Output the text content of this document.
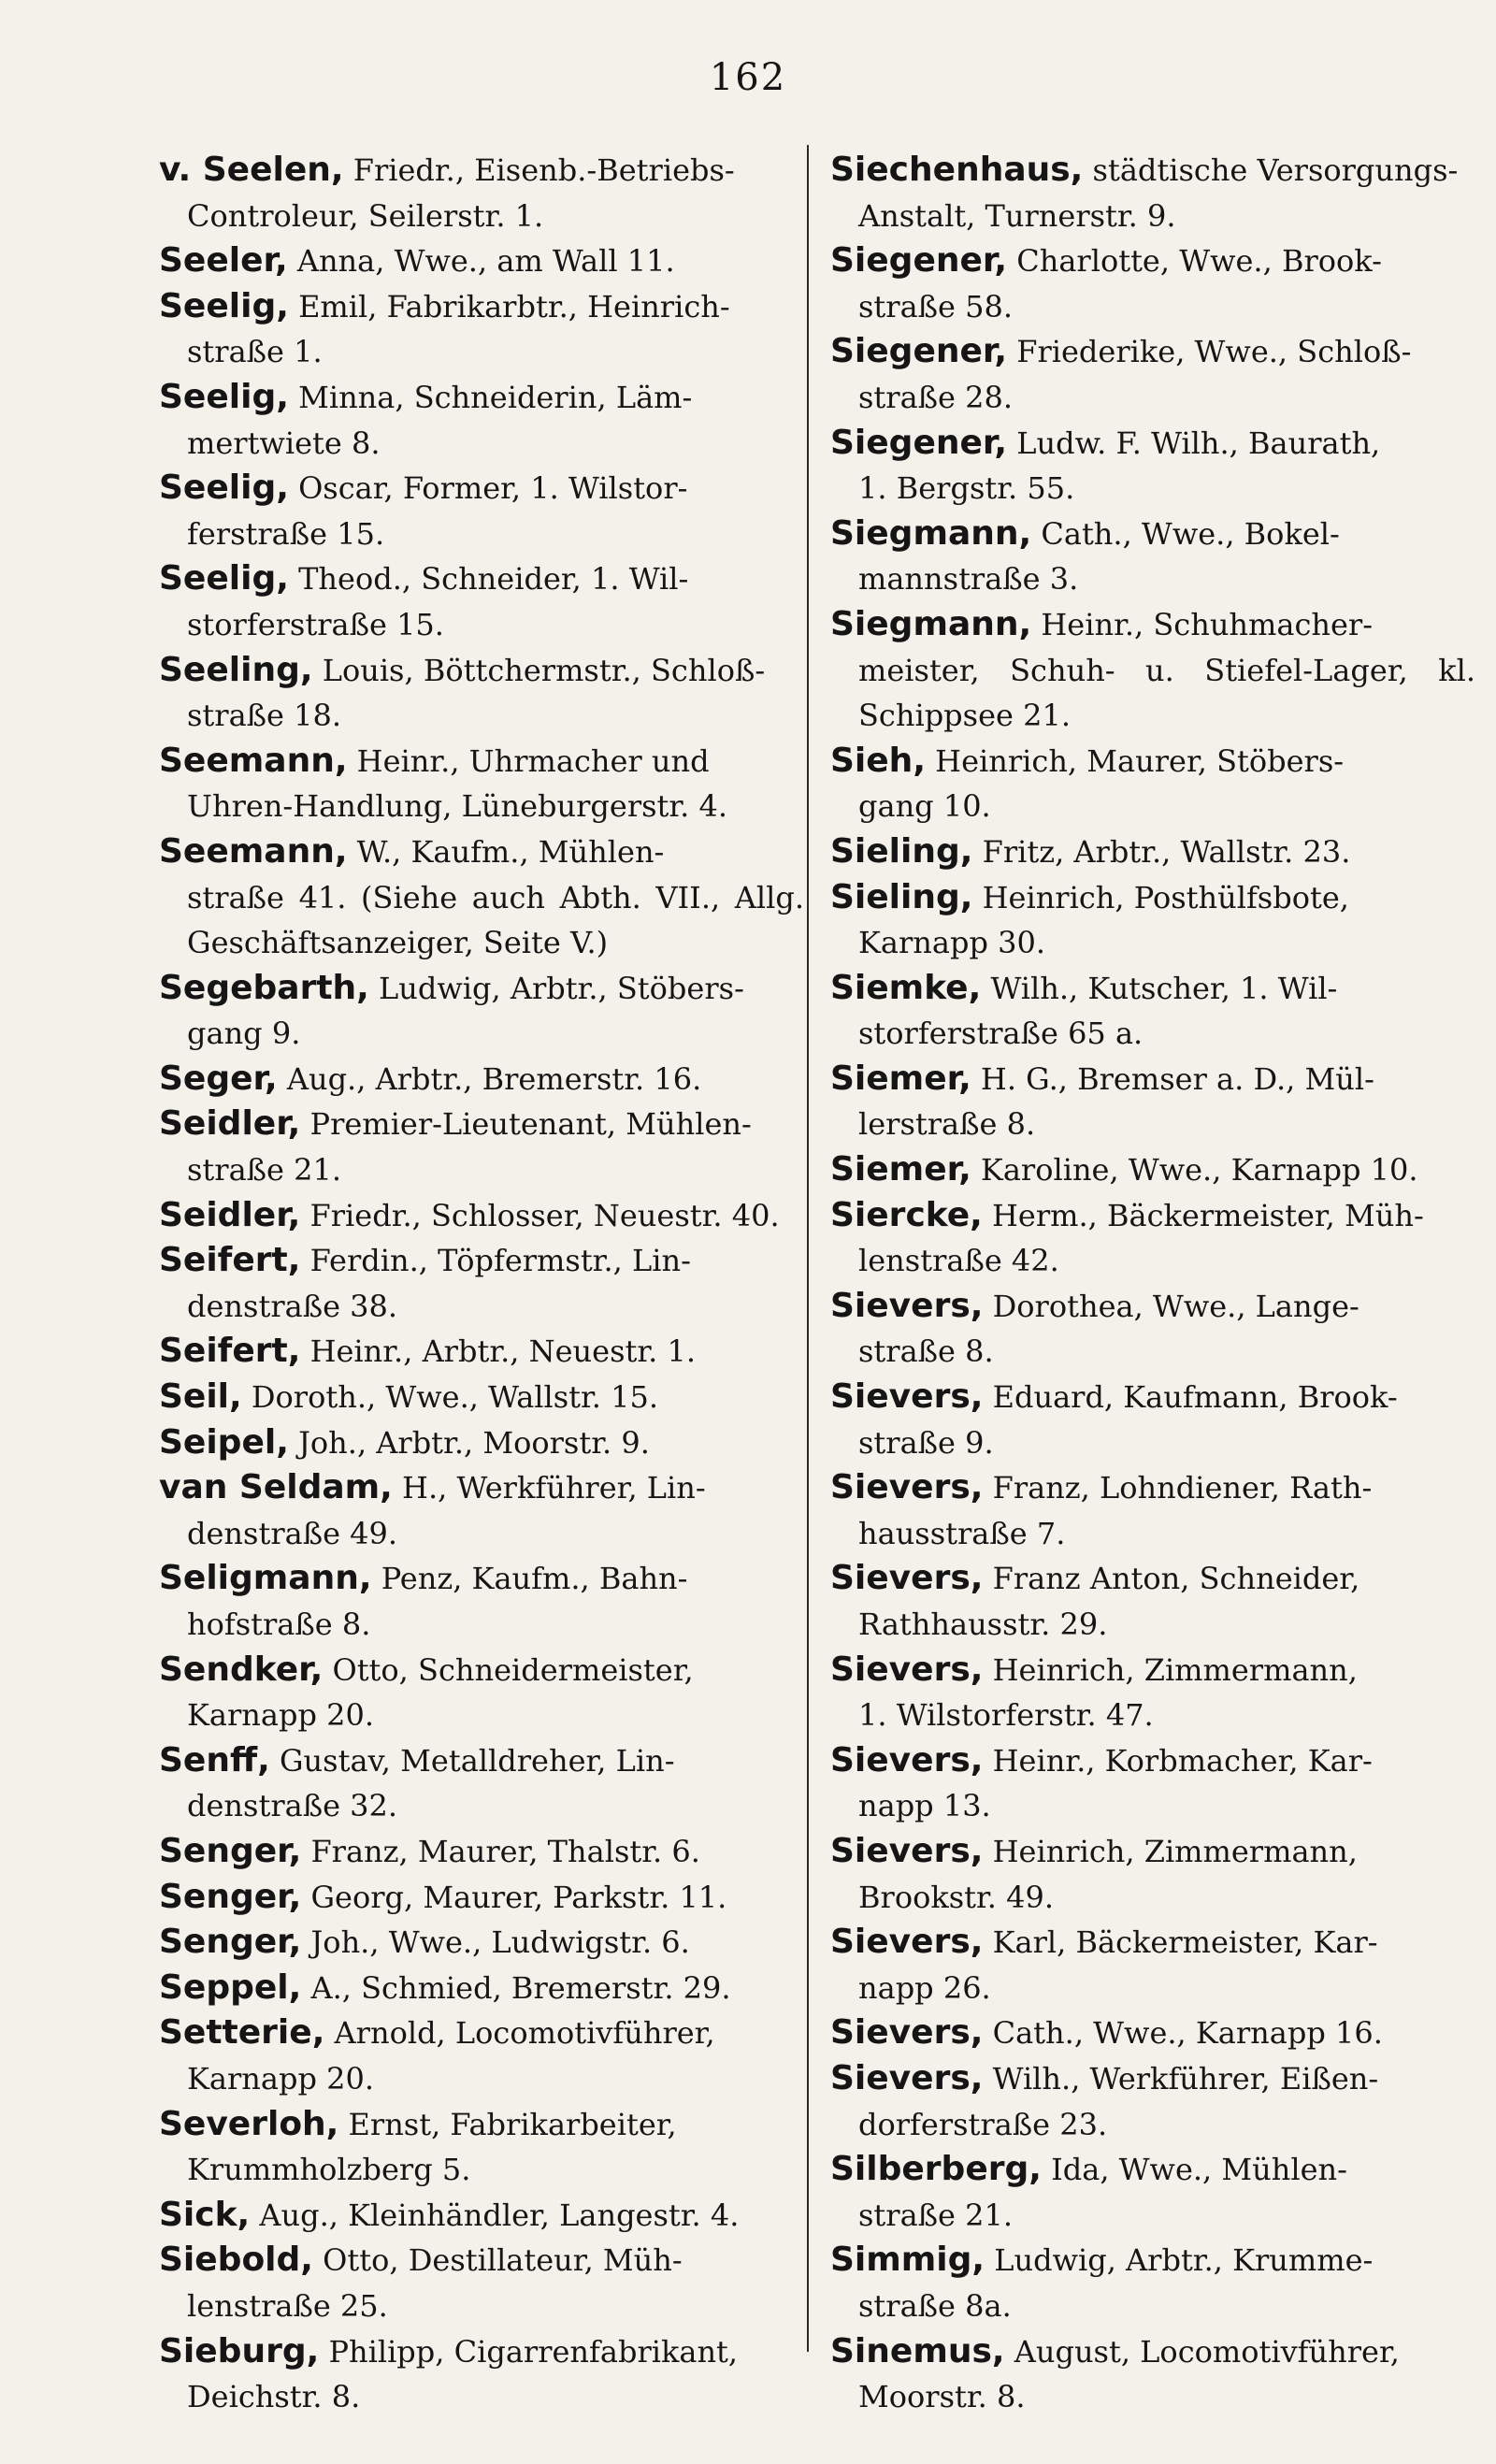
162
v. Seelen, Friedr., Eisenb.-Betriebs-
Controleur, Seilerstr. 1.
Seeler, Anna, Wwe., am Wall 11.
Seelig, Emil, Fabrikarbtr., Heinrich-
straße 1.
Seelig, Minna, Schneiderin, Läm-
mertwiete 8.
Seelig, Oscar, Former, 1. Wilstor-
ferstraße 15.
Seelig, Theod., Schneider, 1. Wil-
storferstraße 15.
Seeling, Louis, Böttchermstr., Schloß-
straße 18.
Seemann, Heinr., Uhrmacher und
Uhren-Handlung, Lüneburgerstr. 4.
Seemann, W., Kaufm., Mühlen-
straße 41. (Siehe auch Abth. VII., Allg. Geschäftsanzeiger, Seite V.)
Segebarth, Ludwig, Arbtr., Stöbers-
gang 9.
Seger, Aug., Arbtr., Bremerstr. 16.
Seidler, Premier-Lieutenant, Mühlen-
straße 21.
Seidler, Friedr., Schlosser, Neuestr. 40.
Seifert, Ferdin., Töpfermstr., Lin-
denstraße 38.
Seifert, Heinr., Arbtr., Neuestr. 1.
Seil, Doroth., Wwe., Wallstr. 15.
Seipel, Joh., Arbtr., Moorstr. 9.
van Seldam, H., Werkführer, Lin-
denstraße 49.
Seligmann, Penz, Kaufm., Bahn-
hofstraße 8.
Sendker, Otto, Schneidermeister,
Karnapp 20.
Senff, Gustav, Metalldreher, Lin-
denstraße 32.
Senger, Franz, Maurer, Thalstr. 6.
Senger, Georg, Maurer, Parkstr. 11.
Senger, Joh., Wwe., Ludwigstr. 6.
Seppel, A., Schmied, Bremerstr. 29.
Setterie, Arnold, Locomotivführer,
Karnapp 20.
Severloh, Ernst, Fabrikarbeiter,
Krummholzberg 5.
Sick, Aug., Kleinhändler, Langestr. 4.
Siebold, Otto, Destillateur, Müh-
lenstraße 25.
Sieburg, Philipp, Cigarrenfabrikant,
Deichstr. 8.
Siechenhaus, städtische Versorgungs-
Anstalt, Turnerstr. 9.
Siegener, Charlotte, Wwe., Brook-
straße 58.
Siegener, Friederike, Wwe., Schloß-
straße 28.
Siegener, Ludw. F. Wilh., Baurath,
1. Bergstr. 55.
Siegmann, Cath., Wwe., Bokel-
mannstraße 3.
Siegmann, Heinr., Schuhmacher-
meister, Schuh- u. Stiefel-Lager, kl. Schippsee 21.
Sieh, Heinrich, Maurer, Stöbers-
gang 10.
Sieling, Fritz, Arbtr., Wallstr. 23.
Sieling, Heinrich, Posthülfsbote,
Karnapp 30.
Siemke, Wilh., Kutscher, 1. Wil-
storferstraße 65 a.
Siemer, H. G., Bremser a. D., Mül-
lerstraße 8.
Siemer, Karoline, Wwe., Karnapp 10.
Siercke, Herm., Bäckermeister, Müh-
lenstraße 42.
Sievers, Dorothea, Wwe., Lange-
straße 8.
Sievers, Eduard, Kaufmann, Brook-
straße 9.
Sievers, Franz, Lohndiener, Rath-
hausstraße 7.
Sievers, Franz Anton, Schneider,
Rathhausstr. 29.
Sievers, Heinrich, Zimmermann,
1. Wilstorferstr. 47.
Sievers, Heinr., Korbmacher, Kar-
napp 13.
Sievers, Heinrich, Zimmermann,
Brookstr. 49.
Sievers, Karl, Bäckermeister, Kar-
napp 26.
Sievers, Cath., Wwe., Karnapp 16.
Sievers, Wilh., Werkführer, Eißen-
dorferstraße 23.
Silberberg, Ida, Wwe., Mühlen-
straße 21.
Simmig, Ludwig, Arbtr., Krumme-
straße 8a.
Sinemus, August, Locomotivführer,
Moorstr. 8.
